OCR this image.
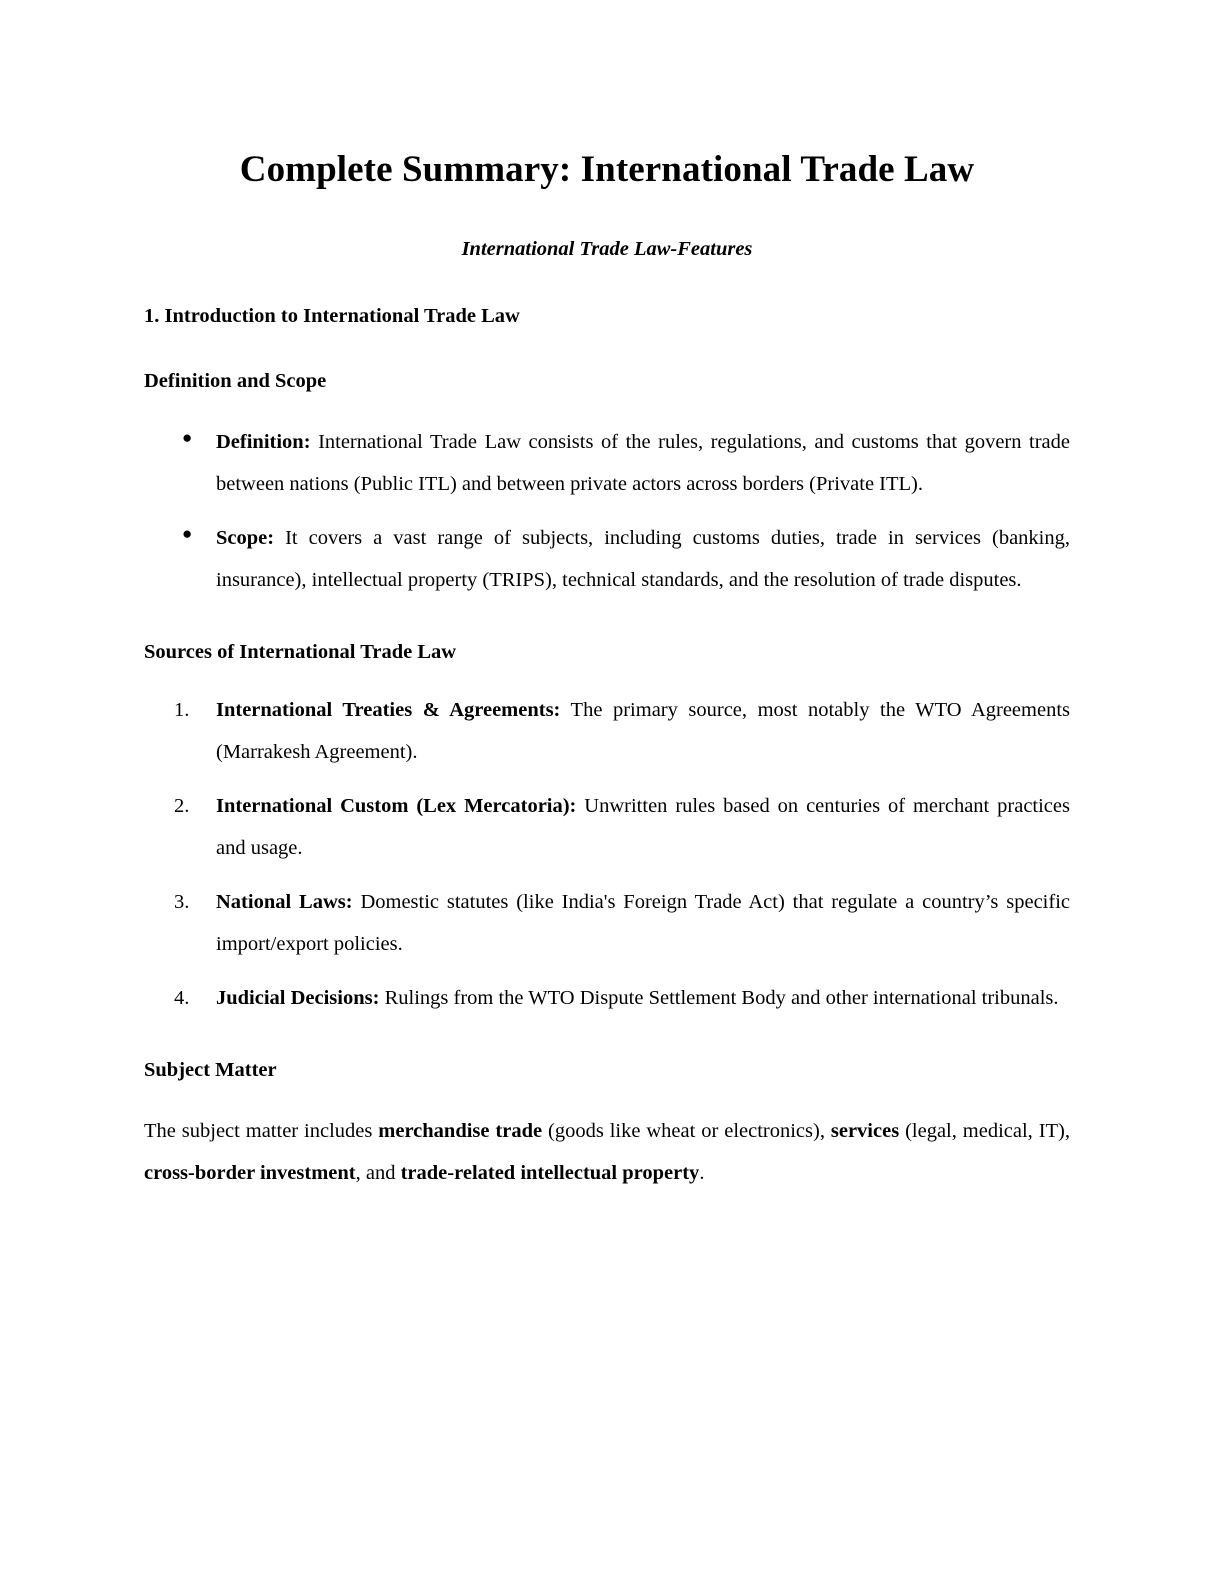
Complete Summary: International Trade Law

International Trade Law-Features

1. Introduction to International Trade Law
Definition and Scope
●	Definition: International Trade Law consists of the rules, regulations, and customs that govern trade between nations (Public ITL) and between private actors across borders (Private ITL).
●	Scope: It covers a vast range of subjects, including customs duties, trade in services (banking, insurance), intellectual property (TRIPS), technical standards, and the resolution of trade disputes.
Sources of International Trade Law
1.	International Treaties & Agreements: The primary source, most notably the WTO Agreements (Marrakesh Agreement).
2.	International Custom (Lex Mercatoria): Unwritten rules based on centuries of merchant practices and usage.
3.	National Laws: Domestic statutes (like India's Foreign Trade Act) that regulate a country’s specific import/export policies.
4.	Judicial Decisions: Rulings from the WTO Dispute Settlement Body and other international tribunals.
Subject Matter

The subject matter includes merchandise trade (goods like wheat or electronics), services (legal, medical, IT), cross-border investment, and trade-related intellectual property.
